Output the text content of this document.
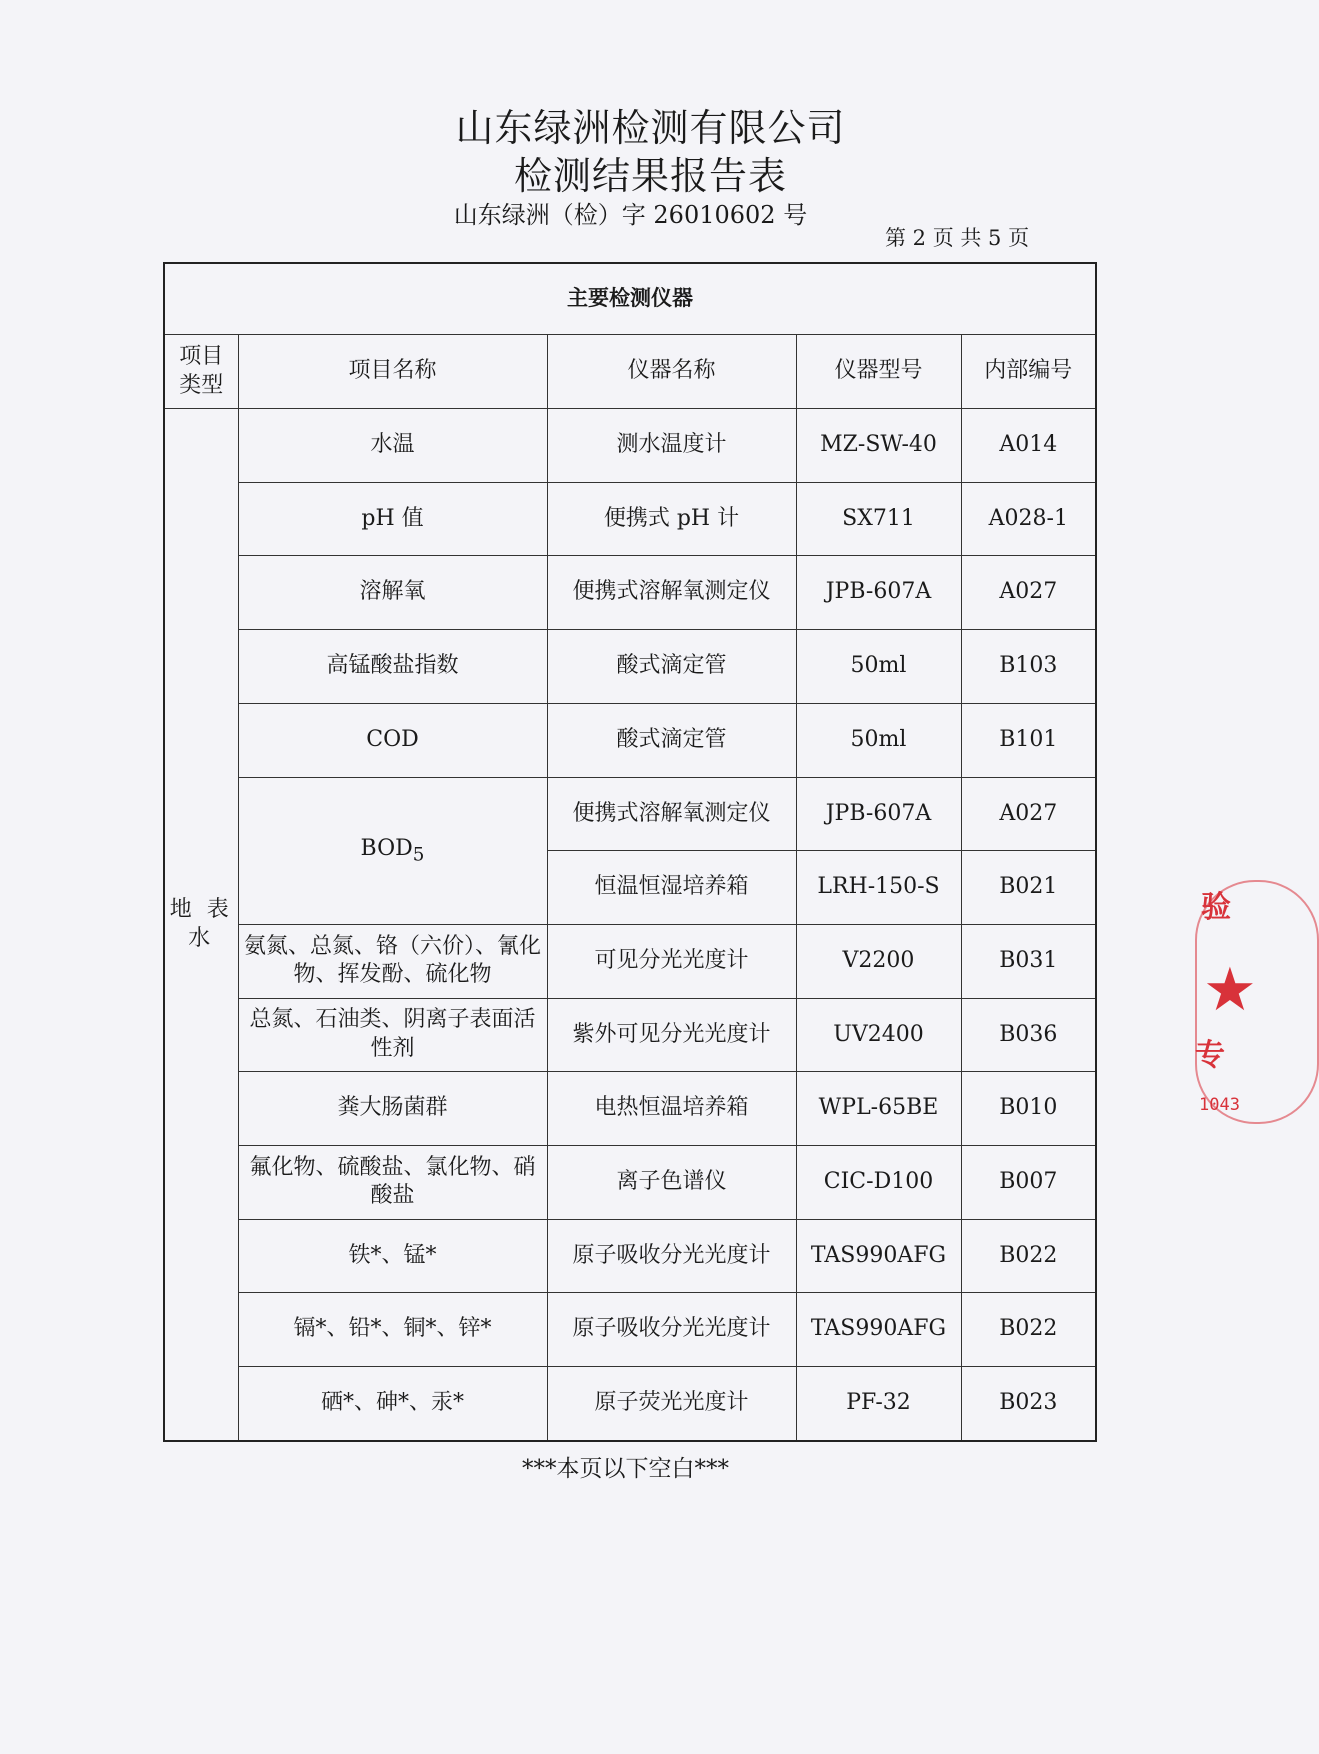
山东绿洲检测有限公司
检测结果报告表
山东绿洲（检）字 26010602 号
第 2 页 共 5 页
主要检测仪器				
项目类型	项目名称	仪器名称	仪器型号	内部编号
地 表 水	水温	测水温度计	MZ-SW-40	A014
	pH 值	便携式 pH 计	SX711	A028-1
	溶解氧	便携式溶解氧测定仪	JPB-607A	A027
	高锰酸盐指数	酸式滴定管	50ml	B103
	COD	酸式滴定管	50ml	B101
	$BOD_5$	便携式溶解氧测定仪	JPB-607A	A027
		恒温恒湿培养箱	LRH-150-S	B021
	氨氮、总氮、铬（六价）、氰化物、挥发酚、硫化物	可见分光光度计	V2200	B031
	总氮、石油类、阴离子表面活性剂	紫外可见分光光度计	UV2400	B036
	粪大肠菌群	电热恒温培养箱	WPL-65BE	B010
	氟化物、硫酸盐、氯化物、硝酸盐	离子色谱仪	CIC-D100	B007
	铁*、锰*	原子吸收分光光度计	TAS990AFG	B022
	镉*、铅*、铜*、锌*	原子吸收分光光度计	TAS990AFG	B022
	硒*、砷*、汞*	原子荧光光度计	PF-32	B023
***本页以下空白***
验
★
专
1043
